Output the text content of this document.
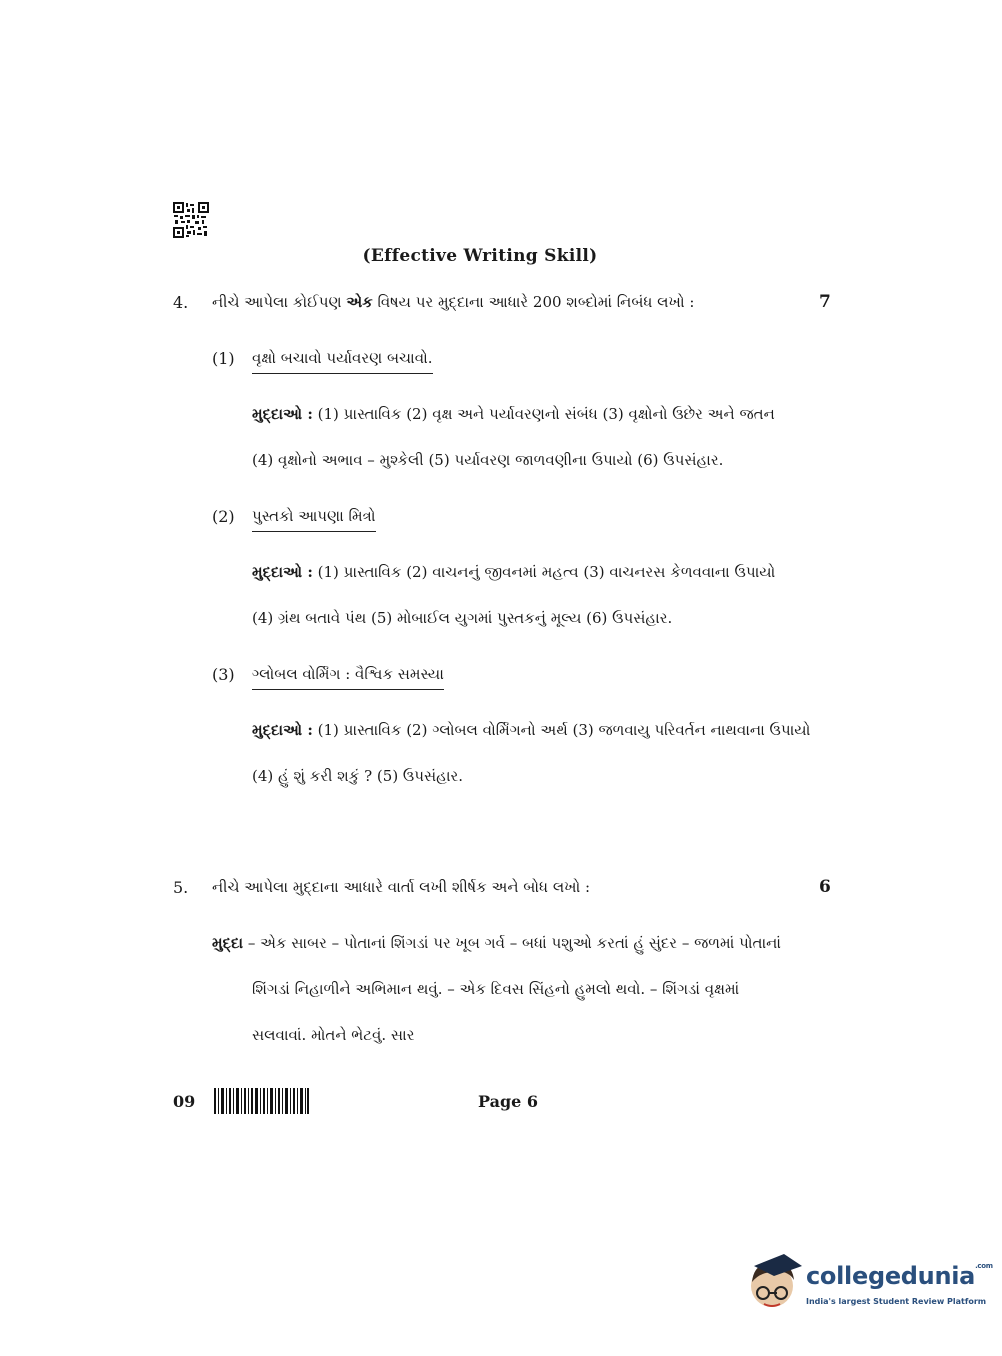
(Effective Writing Skill)
4. નીચે આપેલા કોઈપણ એક વિષય પર મુદ્દાના આધારે 200 શબ્દોમાં નિબંધ લખો :	7
(1) વૃક્ષો બચાવો પર્યાવરણ બચાવો.
મુદ્દાઓ : (1) પ્રાસ્તાવિક (2) વૃક્ષ અને પર્યાવરણનો સંબંધ (3) વૃક્ષોનો ઉછેર અને જતન
(4) વૃક્ષોનો અભાવ – મુશ્કેલી (5) પર્યાવરણ જાળવણીના ઉપાયો (6) ઉપસંહાર.
(2) પુસ્તકો આપણા મિત્રો
મુદ્દાઓ : (1) પ્રાસ્તાવિક (2) વાચનનું જીવનમાં મહત્વ (3) વાચનરસ કેળવવાના ઉપાયો
(4) ગ્રંથ બતાવે પંથ (5) મોબાઈલ યુગમાં પુસ્તકનું મૂલ્ય (6) ઉપસંહાર.
(3) ગ્લોબલ વોર્મિંગ : વૈશ્વિક સમસ્યા
મુદ્દાઓ : (1) પ્રાસ્તાવિક (2) ગ્લોબલ વોર્મિંગનો અર્થ (3) જળવાયુ પરિવર્તન નાથવાના ઉપાયો
(4) હું શું કરી શકું ? (5) ઉપસંહાર.
5. નીચે આપેલા મુદ્દાના આધારે વાર્તા લખી શીર્ષક અને બોધ લખો :	6
મુદ્દા – એક સાબર – પોતાનાં શિંગડાં પર ખૂબ ગર્વ – બધાં પશુઓ કરતાં હું સુંદર – જળમાં પોતાનાં
શિંગડાં નિહાળીને અભિમાન થવું. – એક દિવસ સિંહનો હુમલો થવો. – શિંગડાં વૃક્ષમાં
સલવાવાં. મોતને ભેટવું. સાર
09	Page 6
collegedunia$^{.com}$
India's largest Student Review Platform
